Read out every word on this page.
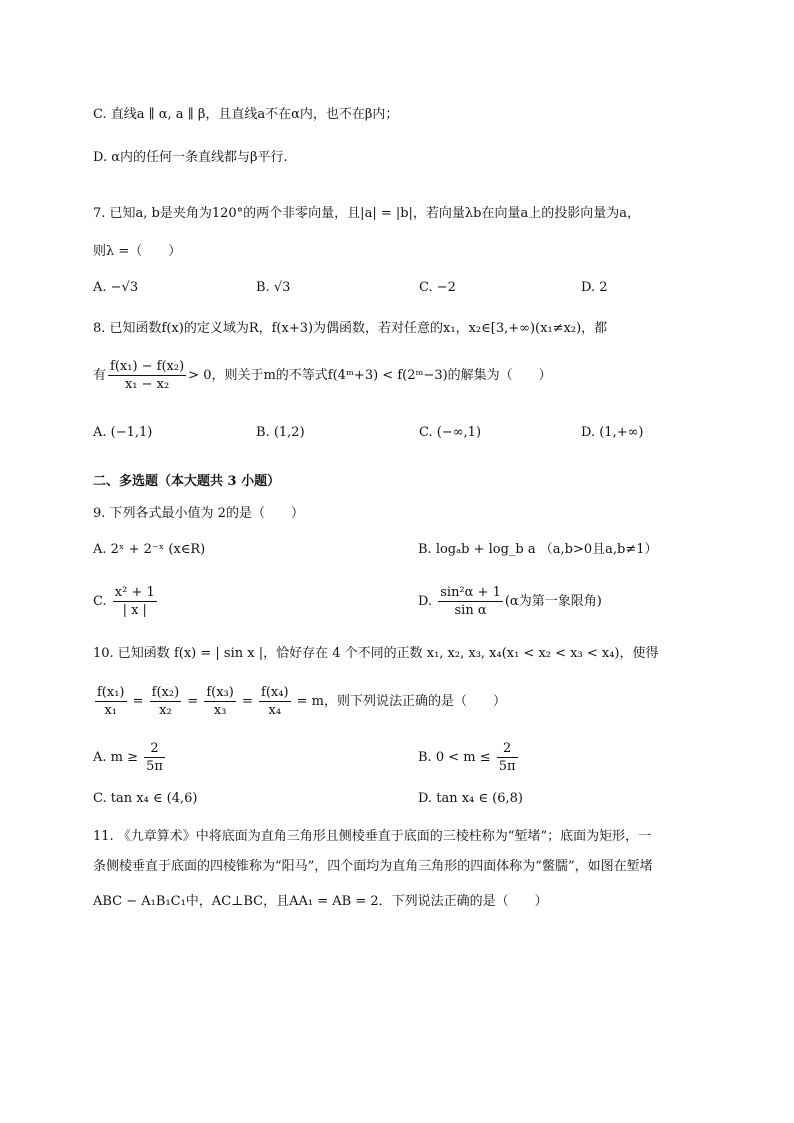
C. 直线a ∥ α, a ∥ β，且直线a不在α内，也不在β内；
D. α内的任何一条直线都与β平行.
7. 已知a, b是夹角为120°的两个非零向量，且|a| = |b|，若向量λb在向量a上的投影向量为a，
则λ =（　　）
A. −√3	B. √3	C. −2	D. 2
8. 已知函数f(x)的定义域为R，f(x+3)为偶函数，若对任意的x₁，x₂∈[3,+∞)(x₁≠x₂)，都
有 $\frac{\text{f(x₁) − f(x₂)}}{\text{x₁ − x₂}} > 0$，则关于m的不等式f(4ᵐ+3) < f(2ᵐ−3)的解集为（　　）
A. (−1,1)	B. (1,2)	C. (−∞,1)	D. (1,+∞)
二、多选题（本大题共 3 小题）
9. 下列各式最小值为 2的是（　　）
A. 2ˣ + 2⁻ˣ (x∈R)	B. logₐb + log_b a （a,b>0且a,b≠1）
C. $\frac{\text{x² + 1}}{| x |}$	D. $\frac{\text{sin²α + 1}}{\text{sin α}} (\alpha$为第一象限角)
10. 已知函数 f(x) = | sin x |，恰好存在 4 个不同的正数 x₁, x₂, x₃, x₄(x₁ < x₂ < x₃ < x₄)，使得
$\frac{\text{f(x₁)}}{\text{x₁}} = \frac{\text{f(x₂)}}{\text{x₂}} = \frac{\text{f(x₃)}}{\text{x₃}} = \frac{\text{f(x₄)}}{\text{x₄}} = m$，则下列说法正确的是（　　）
A. $m \ge \frac{2}{5\pi}$	B. $0 < m \le \frac{2}{5\pi}$
C. tan x₄ ∈ (4,6)	D. tan x₄ ∈ (6,8)
11. 《九章算术》中将底面为直角三角形且侧棱垂直于底面的三棱柱称为“堑堵”；底面为矩形，一
条侧棱垂直于底面的四棱锥称为“阳马”，四个面均为直角三角形的四面体称为“鳖臑”，如图在堑堵
ABC − A₁B₁C₁中，AC⊥BC，且AA₁ = AB = 2．下列说法正确的是（　　）
